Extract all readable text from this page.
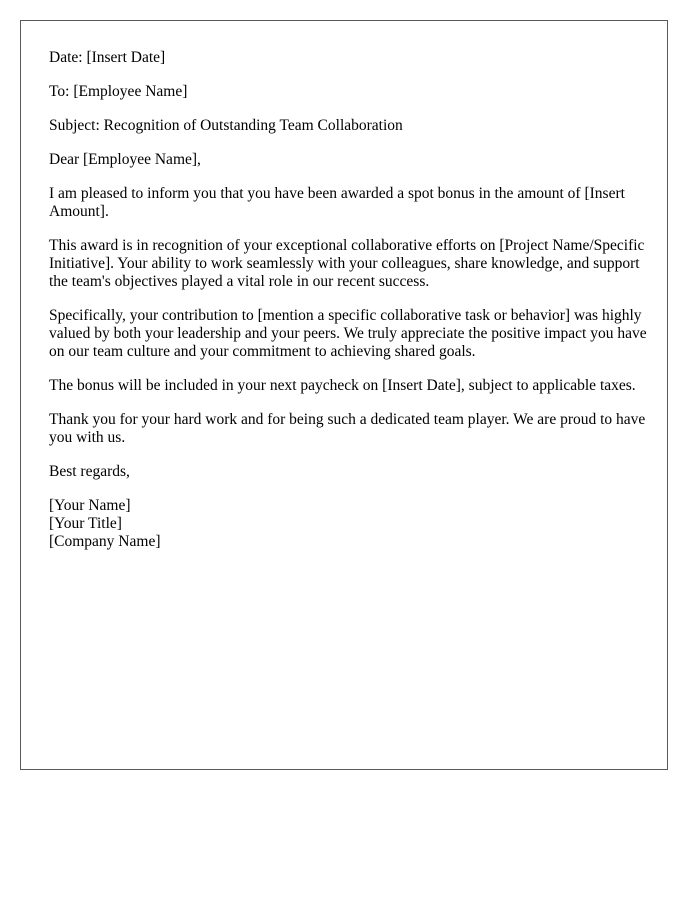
Date: [Insert Date]

To: [Employee Name]

Subject: Recognition of Outstanding Team Collaboration

Dear [Employee Name],

I am pleased to inform you that you have been awarded a spot bonus in the amount of [Insert Amount].

This award is in recognition of your exceptional collaborative efforts on [Project Name/Specific Initiative]. Your ability to work seamlessly with your colleagues, share knowledge, and support the team's objectives played a vital role in our recent success.

Specifically, your contribution to [mention a specific collaborative task or behavior] was highly valued by both your leadership and your peers. We truly appreciate the positive impact you have on our team culture and your commitment to achieving shared goals.

The bonus will be included in your next paycheck on [Insert Date], subject to applicable taxes.

Thank you for your hard work and for being such a dedicated team player. We are proud to have you with us.

Best regards,

[Your Name]
[Your Title]
[Company Name]
